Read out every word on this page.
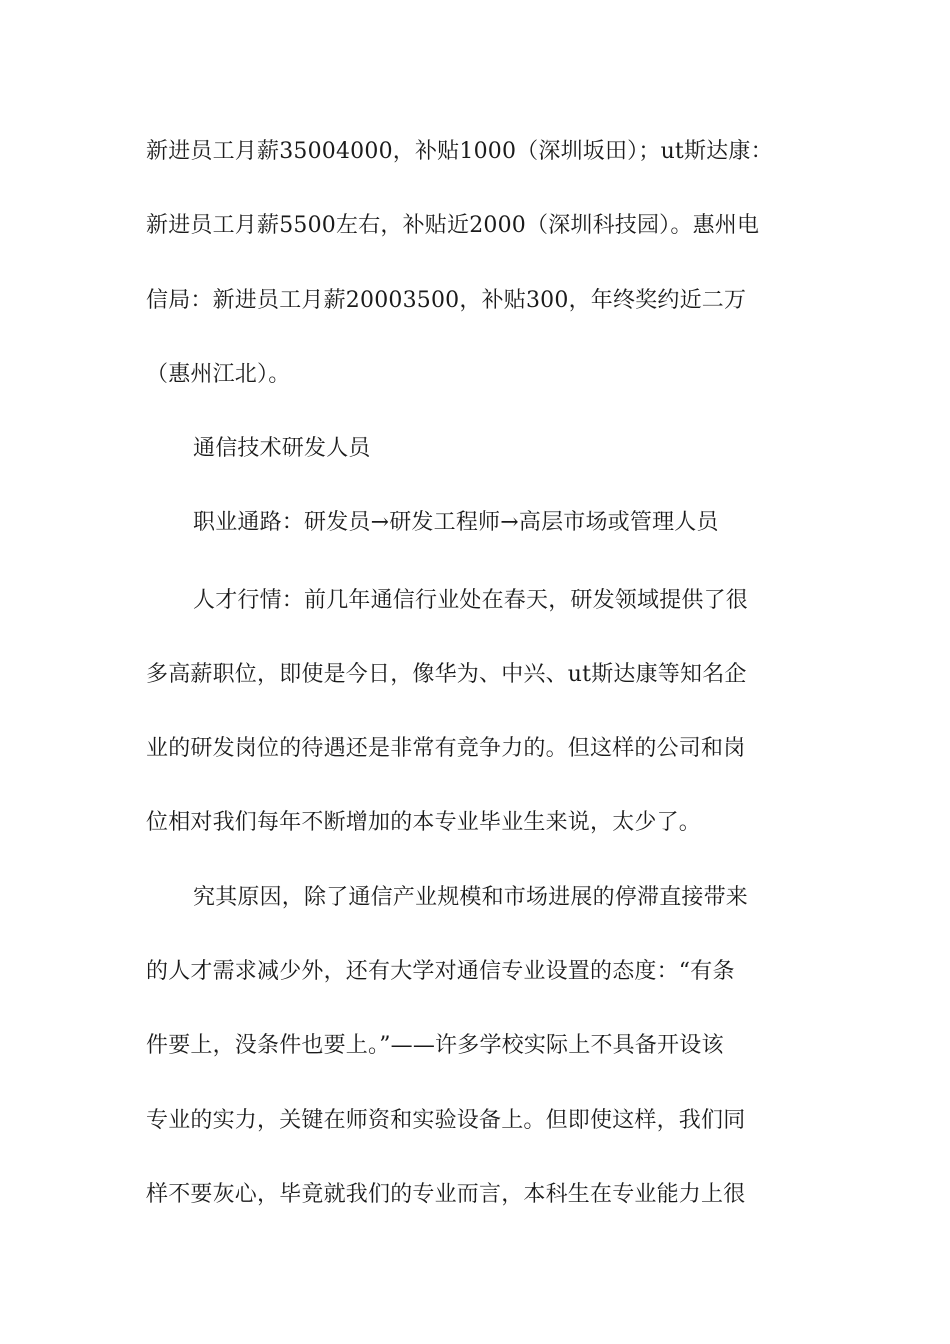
新进员工月薪35004000，补贴1000（深圳坂田）；ut斯达康：
新进员工月薪5500左右，补贴近2000（深圳科技园）。惠州电
信局：新进员工月薪20003500，补贴300，年终奖约近二万
（惠州江北）。
通信技术研发人员
职业通路：研发员→研发工程师→高层市场或管理人员
人才行情：前几年通信行业处在春天，研发领域提供了很
多高薪职位，即使是今日，像华为、中兴、ut斯达康等知名企
业的研发岗位的待遇还是非常有竞争力的。但这样的公司和岗
位相对我们每年不断增加的本专业毕业生来说，太少了。
究其原因，除了通信产业规模和市场进展的停滞直接带来
的人才需求减少外，还有大学对通信专业设置的态度：“有条
件要上，没条件也要上。”——许多学校实际上不具备开设该
专业的实力，关键在师资和实验设备上。但即使这样，我们同
样不要灰心，毕竟就我们的专业而言，本科生在专业能力上很
